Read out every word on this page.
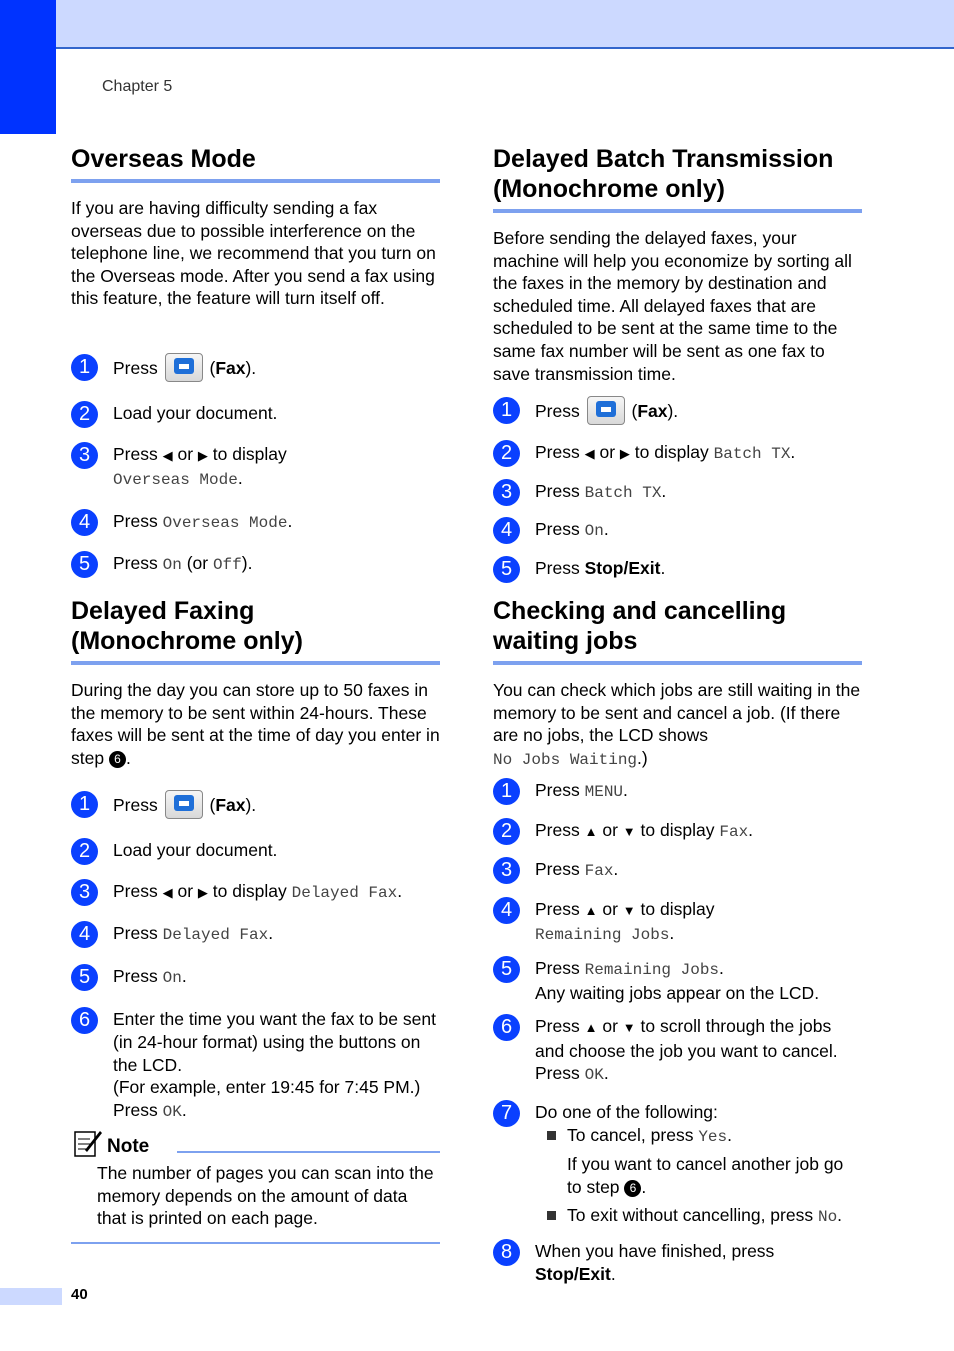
Chapter 5
Overseas Mode

If you are having difficulty sending a fax overseas due to possible interference on the telephone line, we recommend that you turn on the Overseas mode. After you send a fax using this feature, the feature will turn itself off.

1	Press	(Fax).
2	Load your document.
3	Press ◀ or ▶ to display
Overseas Mode.
4	Press Overseas Mode.
5	Press On (or Off).
Delayed Faxing
(Monochrome only)

During the day you can store up to 50 faxes in the memory to be sent within 24-hours. These faxes will be sent at the time of day you enter in step 6 .

1	Press	(Fax).
2	Load your document.
3	Press ◀ or ▶ to display Delayed Fax.
4	Press Delayed Fax.
5	Press On.
6	Enter the time you want the fax to be sent (in 24-hour format) using the buttons on the LCD.
(For example, enter 19:45 for 7:45 PM.)
Press OK.
Note
The number of pages you can scan into the memory depends on the amount of data that is printed on each page.
Delayed Batch Transmission
(Monochrome only)

Before sending the delayed faxes, your machine will help you economize by sorting all the faxes in the memory by destination and scheduled time. All delayed faxes that are scheduled to be sent at the same time to the same fax number will be sent as one fax to save transmission time.

1	Press	(Fax).
2	Press ◀ or ▶ to display Batch TX.
3	Press Batch TX.
4	Press On.
5	Press Stop/Exit.
Checking and cancelling
waiting jobs

You can check which jobs are still waiting in the memory to be sent and cancel a job. (If there are no jobs, the LCD shows
No Jobs Waiting.)

1	Press MENU.
2	Press ▲ or ▼ to display Fax.
3	Press Fax.
4	Press ▲ or ▼ to display
Remaining Jobs.
5	Press Remaining Jobs.
Any waiting jobs appear on the LCD.
6	Press ▲ or ▼ to scroll through the jobs and choose the job you want to cancel. Press OK.
7	Do one of the following:
To cancel, press Yes.
If you want to cancel another job go to step 6 .
To exit without cancelling, press No.
8	When you have finished, press
Stop/Exit.
40
